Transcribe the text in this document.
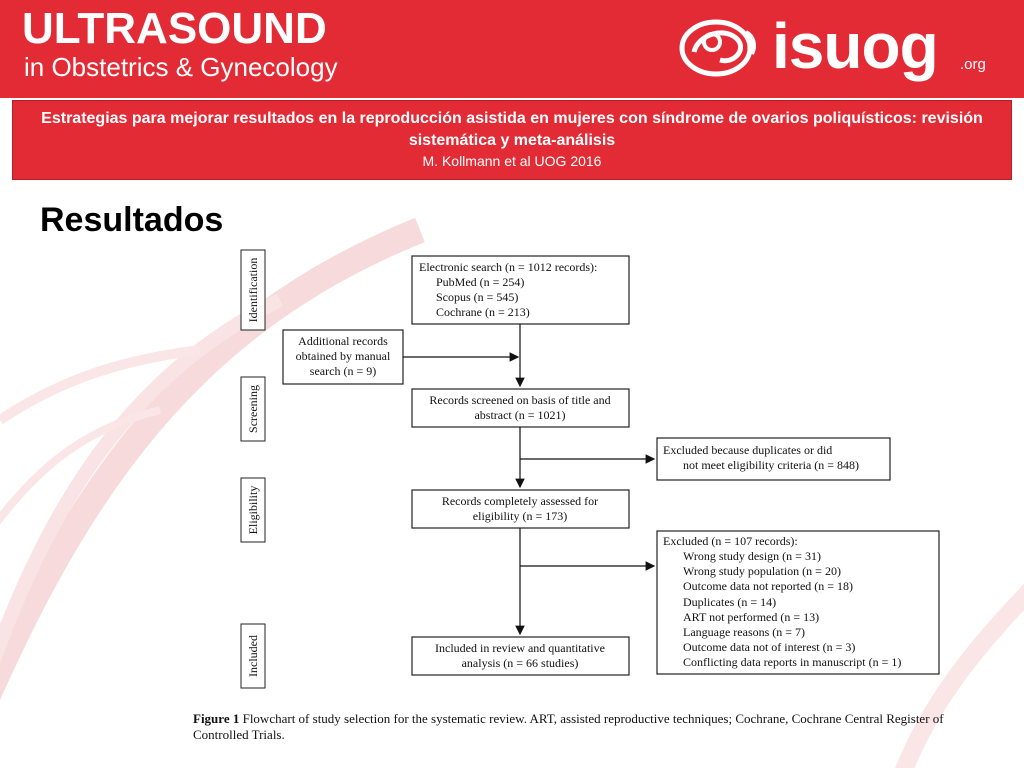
ULTRASOUND
in Obstetrics & Gynecology	isuog .org
Estrategias para mejorar resultados en la reproducción asistida en mujeres con síndrome de ovarios poliquísticos: revisión sistemática y meta-análisis
M. Kollmann et al UOG 2016
Resultados
Identification
Screening
Eligibility
Included
Electronic search (n = 1012 records):
PubMed (n = 254)
Scopus (n = 545)
Cochrane (n = 213)
Additional records
obtained by manual
search (n = 9)
Records screened on basis of title and
abstract (n = 1021)
Excluded because duplicates or did
not meet eligibility criteria (n = 848)
Records completely assessed for
eligibility (n = 173)
Excluded (n = 107 records):
Wrong study design (n = 31)
Wrong study population (n = 20)
Outcome data not reported (n = 18)
Duplicates (n = 14)
ART not performed (n = 13)
Language reasons (n = 7)
Outcome data not of interest (n = 3)
Conflicting data reports in manuscript (n = 1)
Included in review and quantitative
analysis (n = 66 studies)
Figure 1 Flowchart of study selection for the systematic review. ART, assisted reproductive techniques; Cochrane, Cochrane Central Register of Controlled Trials.
